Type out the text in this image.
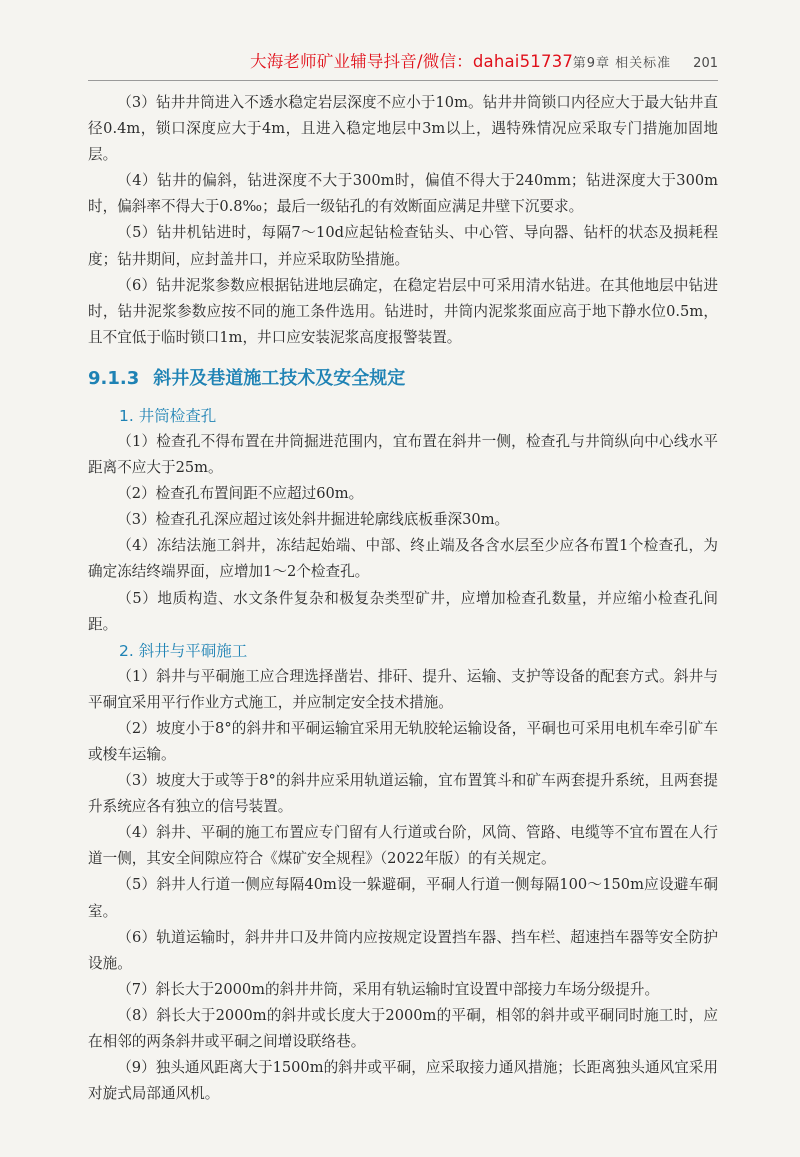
大海老师矿业辅导抖音/微信：dahai51737 第9章 相关标准 201

（3）钻井井筒进入不透水稳定岩层深度不应小于10m。钻井井筒锁口内径应大于最大钻井直径0.4m，锁口深度应大于4m，且进入稳定地层中3m以上，遇特殊情况应采取专门措施加固地层。

（4）钻井的偏斜，钻进深度不大于300m时，偏值不得大于240mm；钻进深度大于300m时，偏斜率不得大于0.8‰；最后一级钻孔的有效断面应满足井壁下沉要求。

（5）钻井机钻进时，每隔7～10d应起钻检查钻头、中心管、导向器、钻杆的状态及损耗程度；钻井期间，应封盖井口，并应采取防坠措施。

（6）钻井泥浆参数应根据钻进地层确定，在稳定岩层中可采用清水钻进。在其他地层中钻进时，钻井泥浆参数应按不同的施工条件选用。钻进时，井筒内泥浆浆面应高于地下静水位0.5m，且不宜低于临时锁口1m，井口应安装泥浆高度报警装置。

9.1.3 斜井及巷道施工技术及安全规定

1. 井筒检查孔

（1）检查孔不得布置在井筒掘进范围内，宜布置在斜井一侧，检查孔与井筒纵向中心线水平距离不应大于25m。

（2）检查孔布置间距不应超过60m。

（3）检查孔孔深应超过该处斜井掘进轮廓线底板垂深30m。

（4）冻结法施工斜井，冻结起始端、中部、终止端及各含水层至少应各布置1个检查孔，为确定冻结终端界面，应增加1～2个检查孔。

（5）地质构造、水文条件复杂和极复杂类型矿井，应增加检查孔数量，并应缩小检查孔间距。

2. 斜井与平硐施工

（1）斜井与平硐施工应合理选择凿岩、排矸、提升、运输、支护等设备的配套方式。斜井与平硐宜采用平行作业方式施工，并应制定安全技术措施。

（2）坡度小于8°的斜井和平硐运输宜采用无轨胶轮运输设备，平硐也可采用电机车牵引矿车或梭车运输。

（3）坡度大于或等于8°的斜井应采用轨道运输，宜布置箕斗和矿车两套提升系统，且两套提升系统应各有独立的信号装置。

（4）斜井、平硐的施工布置应专门留有人行道或台阶，风筒、管路、电缆等不宜布置在人行道一侧，其安全间隙应符合《煤矿安全规程》（2022年版）的有关规定。

（5）斜井人行道一侧应每隔40m设一躲避硐，平硐人行道一侧每隔100～150m应设避车硐室。

（6）轨道运输时，斜井井口及井筒内应按规定设置挡车器、挡车栏、超速挡车器等安全防护设施。

（7）斜长大于2000m的斜井井筒，采用有轨运输时宜设置中部接力车场分级提升。

（8）斜长大于2000m的斜井或长度大于2000m的平硐，相邻的斜井或平硐同时施工时，应在相邻的两条斜井或平硐之间增设联络巷。

（9）独头通风距离大于1500m的斜井或平硐，应采取接力通风措施；长距离独头通风宜采用对旋式局部通风机。
